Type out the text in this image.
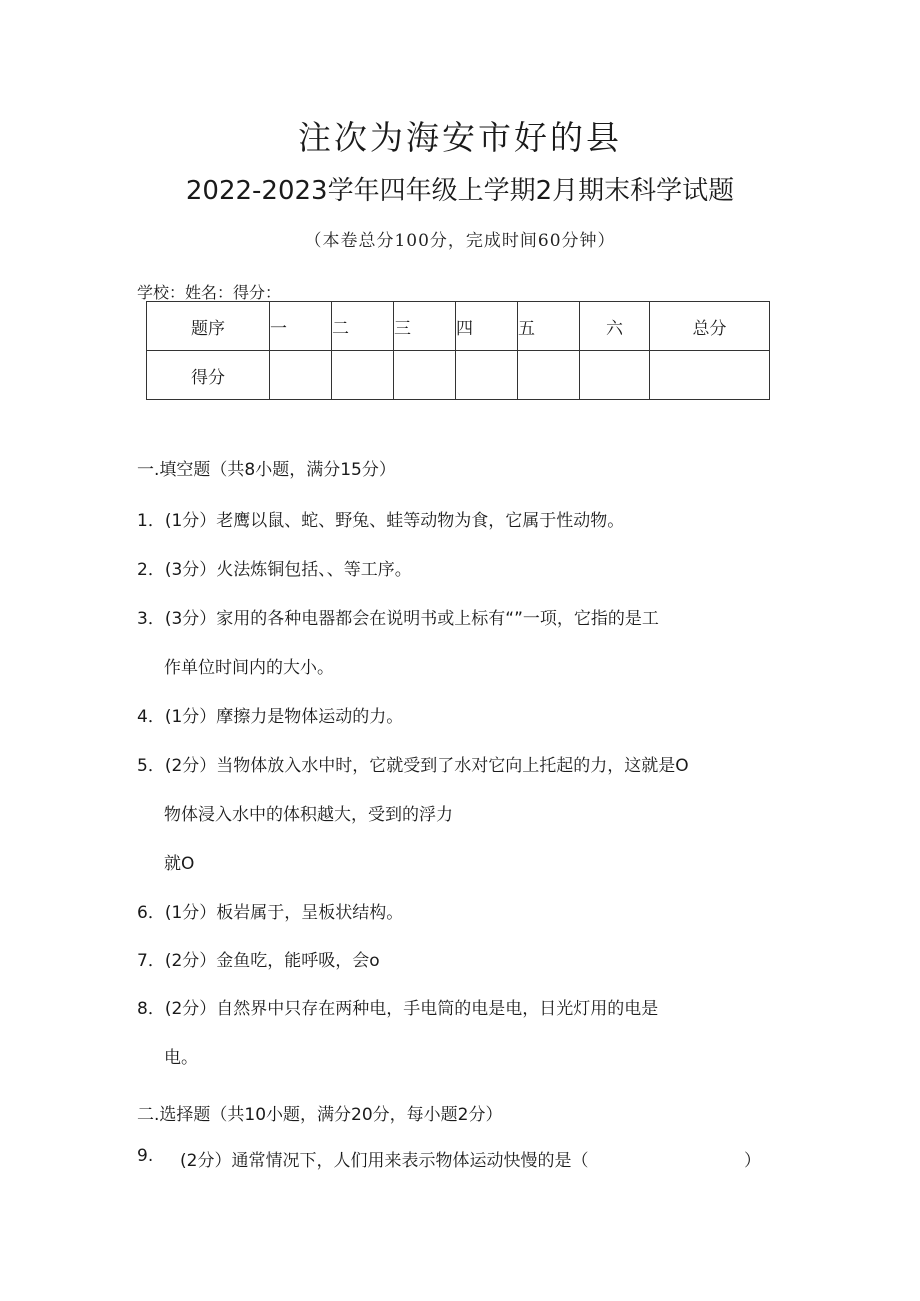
注次为海安市好的县
2022-2023学年四年级上学期2月期末科学试题
（本卷总分100分，完成时间60分钟）
学校：姓名：得分：
题序	一	二	三	四	五	六	总分
得分							
一.填空题（共8小题，满分15分）
1．(1分）老鹰以鼠、蛇、野兔、蛙等动物为食，它属于性动物。
2．(3分）火法炼铜包括、、等工序。
3．(3分）家用的各种电器都会在说明书或上标有“”一项，它指的是工
作单位时间内的大小。
4．(1分）摩擦力是物体运动的力。
5．(2分）当物体放入水中时，它就受到了水对它向上托起的力，这就是O
物体浸入水中的体积越大，受到的浮力
就O
6．(1分）板岩属于，呈板状结构。
7．(2分）金鱼吃，能呼吸，会o
8．(2分）自然界中只存在两种电，手电筒的电是电，日光灯用的电是
电。
二.选择题（共10小题，满分20分，每小题2分）
9. (2分）通常情况下，人们用来表示物体运动快慢的是（	）
